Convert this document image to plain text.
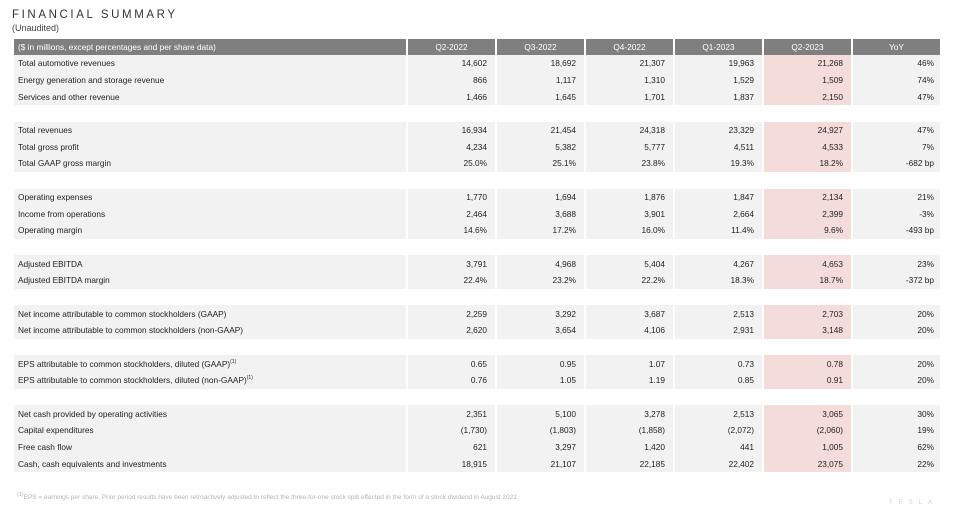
FINANCIAL SUMMARY
(Unaudited)
($ in millions, except percentages and per share data)	Q2-2022	Q3-2022	Q4-2022	Q1-2023	Q2-2023	YoY
Total automotive revenues	14,602	18,692	21,307	19,963	21,268	46%
Energy generation and storage revenue	866	1,117	1,310	1,529	1,509	74%
Services and other revenue	1,466	1,645	1,701	1,837	2,150	47%

Total revenues	16,934	21,454	24,318	23,329	24,927	47%
Total gross profit	4,234	5,382	5,777	4,511	4,533	7%
Total GAAP gross margin	25.0%	25.1%	23.8%	19.3%	18.2%	-682 bp

Operating expenses	1,770	1,694	1,876	1,847	2,134	21%
Income from operations	2,464	3,688	3,901	2,664	2,399	-3%
Operating margin	14.6%	17.2%	16.0%	11.4%	9.6%	-493 bp

Adjusted EBITDA	3,791	4,968	5,404	4,267	4,653	23%
Adjusted EBITDA margin	22.4%	23.2%	22.2%	18.3%	18.7%	-372 bp

Net income attributable to common stockholders (GAAP)	2,259	3,292	3,687	2,513	2,703	20%
Net income attributable to common stockholders (non-GAAP)	2,620	3,654	4,106	2,931	3,148	20%

EPS attributable to common stockholders, diluted (GAAP)$^{(1)}$	0.65	0.95	1.07	0.73	0.78	20%
EPS attributable to common stockholders, diluted (non-GAAP)$^{(1)}$	0.76	1.05	1.19	0.85	0.91	20%

Net cash provided by operating activities	2,351	5,100	3,278	2,513	3,065	30%
Capital expenditures	(1,730)	(1,803)	(1,858)	(2,072)	(2,060)	19%
Free cash flow	621	3,297	1,420	441	1,005	62%
Cash, cash equivalents and investments	18,915	21,107	22,185	22,402	23,075	22%
$^{(1)}$EPS = earnings per share. Prior period results have been retroactively adjusted to reflect the three-for-one stock split effected in the form of a stock dividend in August 2022.
TESLA
